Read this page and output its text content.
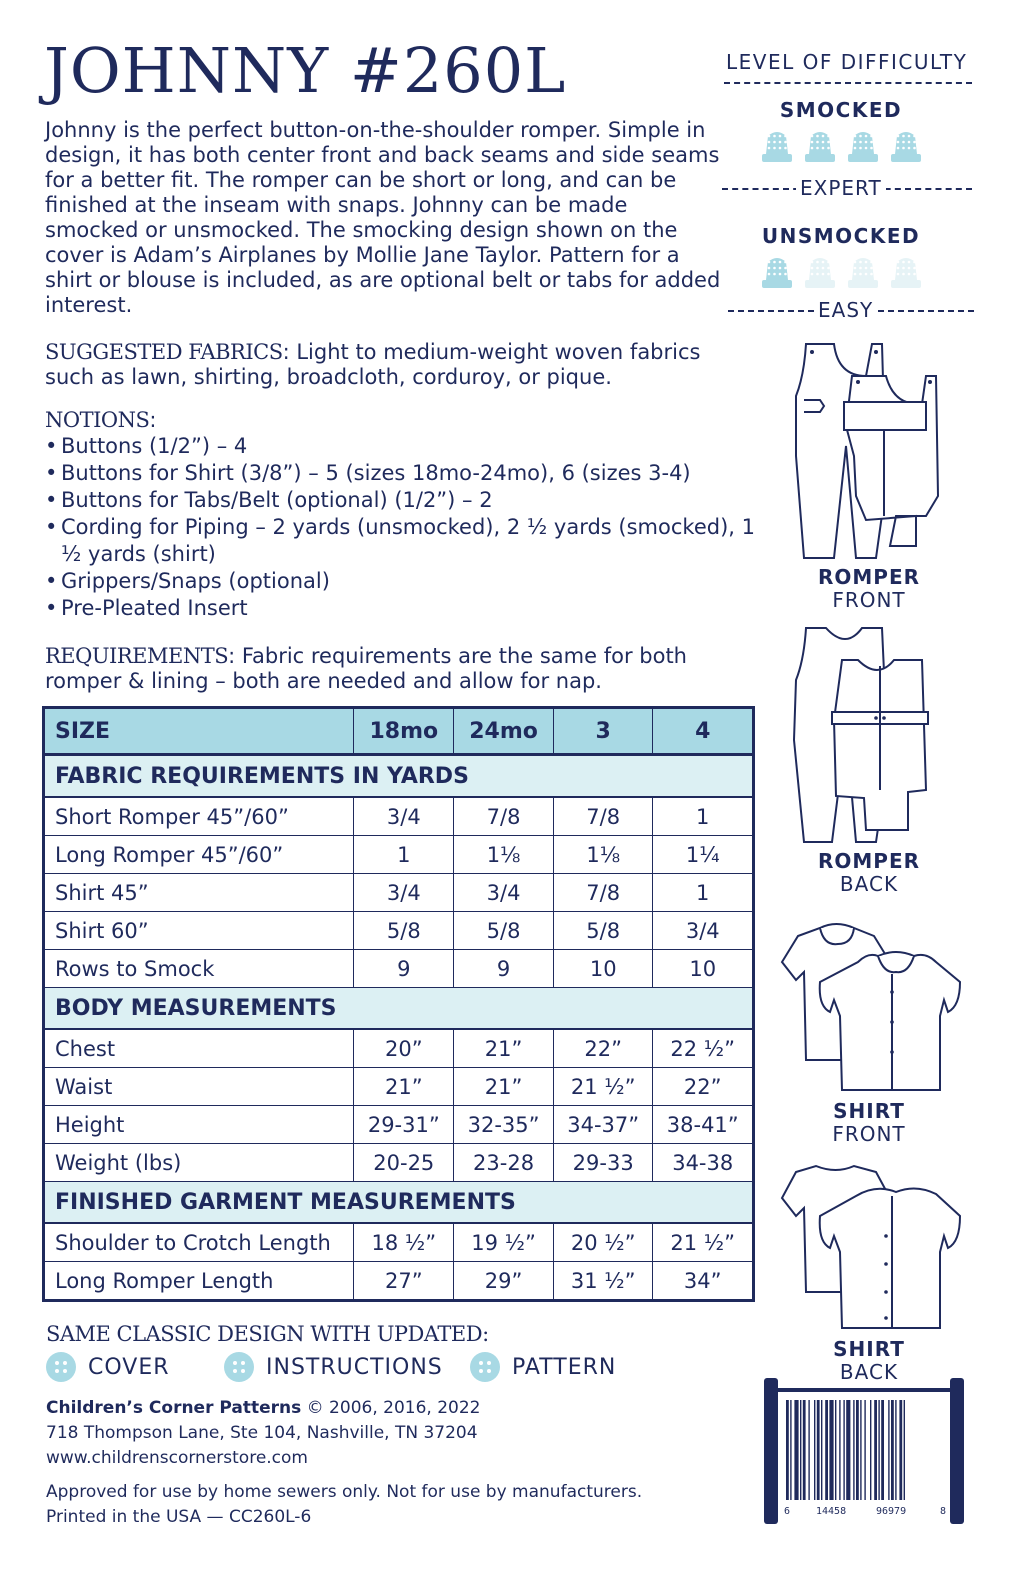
JOHNNY #260L
Johnny is the perfect button-on-the-shoulder romper. Simple in design, it has both center front and back seams and side seams for a better fit. The romper can be short or long, and can be finished at the inseam with snaps. Johnny can be made smocked or unsmocked. The smocking design shown on the cover is Adam’s Airplanes by Mollie Jane Taylor. Pattern for a shirt or blouse is included, as are optional belt or tabs for added interest.
SUGGESTED FABRICS: Light to medium-weight woven fabrics such as lawn, shirting, broadcloth, corduroy, or pique.
NOTIONS:
• Buttons (1/2”) – 4
• Buttons for Shirt (3/8”) – 5 (sizes 18mo-24mo), 6 (sizes 3-4)
• Buttons for Tabs/Belt (optional) (1/2”) – 2
• Cording for Piping – 2 yards (unsmocked), 2 ½ yards (smocked), 1 ½ yards (shirt)
• Grippers/Snaps (optional)
• Pre-Pleated Insert
REQUIREMENTS: Fabric requirements are the same for both romper & lining – both are needed and allow for nap.
SIZE	18mo	24mo	3	4
FABRIC REQUIREMENTS IN YARDS				
Short Romper 45”/60”	3/4	7/8	7/8	1
Long Romper 45”/60”	1	1⅛	1⅛	1¼
Shirt 45”	3/4	3/4	7/8	1
Shirt 60”	5/8	5/8	5/8	3/4
Rows to Smock	9	9	10	10
BODY MEASUREMENTS				
Chest	20”	21”	22”	22 ½”
Waist	21”	21”	21 ½”	22”
Height	29-31”	32-35”	34-37”	38-41”
Weight (lbs)	20-25	23-28	29-33	34-38
FINISHED GARMENT MEASUREMENTS				
Shoulder to Crotch Length	18 ½”	19 ½”	20 ½”	21 ½”
Long Romper Length	27”	29”	31 ½”	34”
SAME CLASSIC DESIGN WITH UPDATED:
COVER	INSTRUCTIONS	PATTERN
Children’s Corner Patterns © 2006, 2016, 2022
718 Thompson Lane, Ste 104, Nashville, TN 37204
www.childrenscornerstore.com
Approved for use by home sewers only. Not for use by manufacturers.
Printed in the USA — CC260L-6
LEVEL OF DIFFICULTY
SMOCKED
EXPERT
UNSMOCKED
EASY
ROMPER
FRONT
ROMPER
BACK
SHIRT
FRONT
SHIRT
BACK
6	14458	96979	8
